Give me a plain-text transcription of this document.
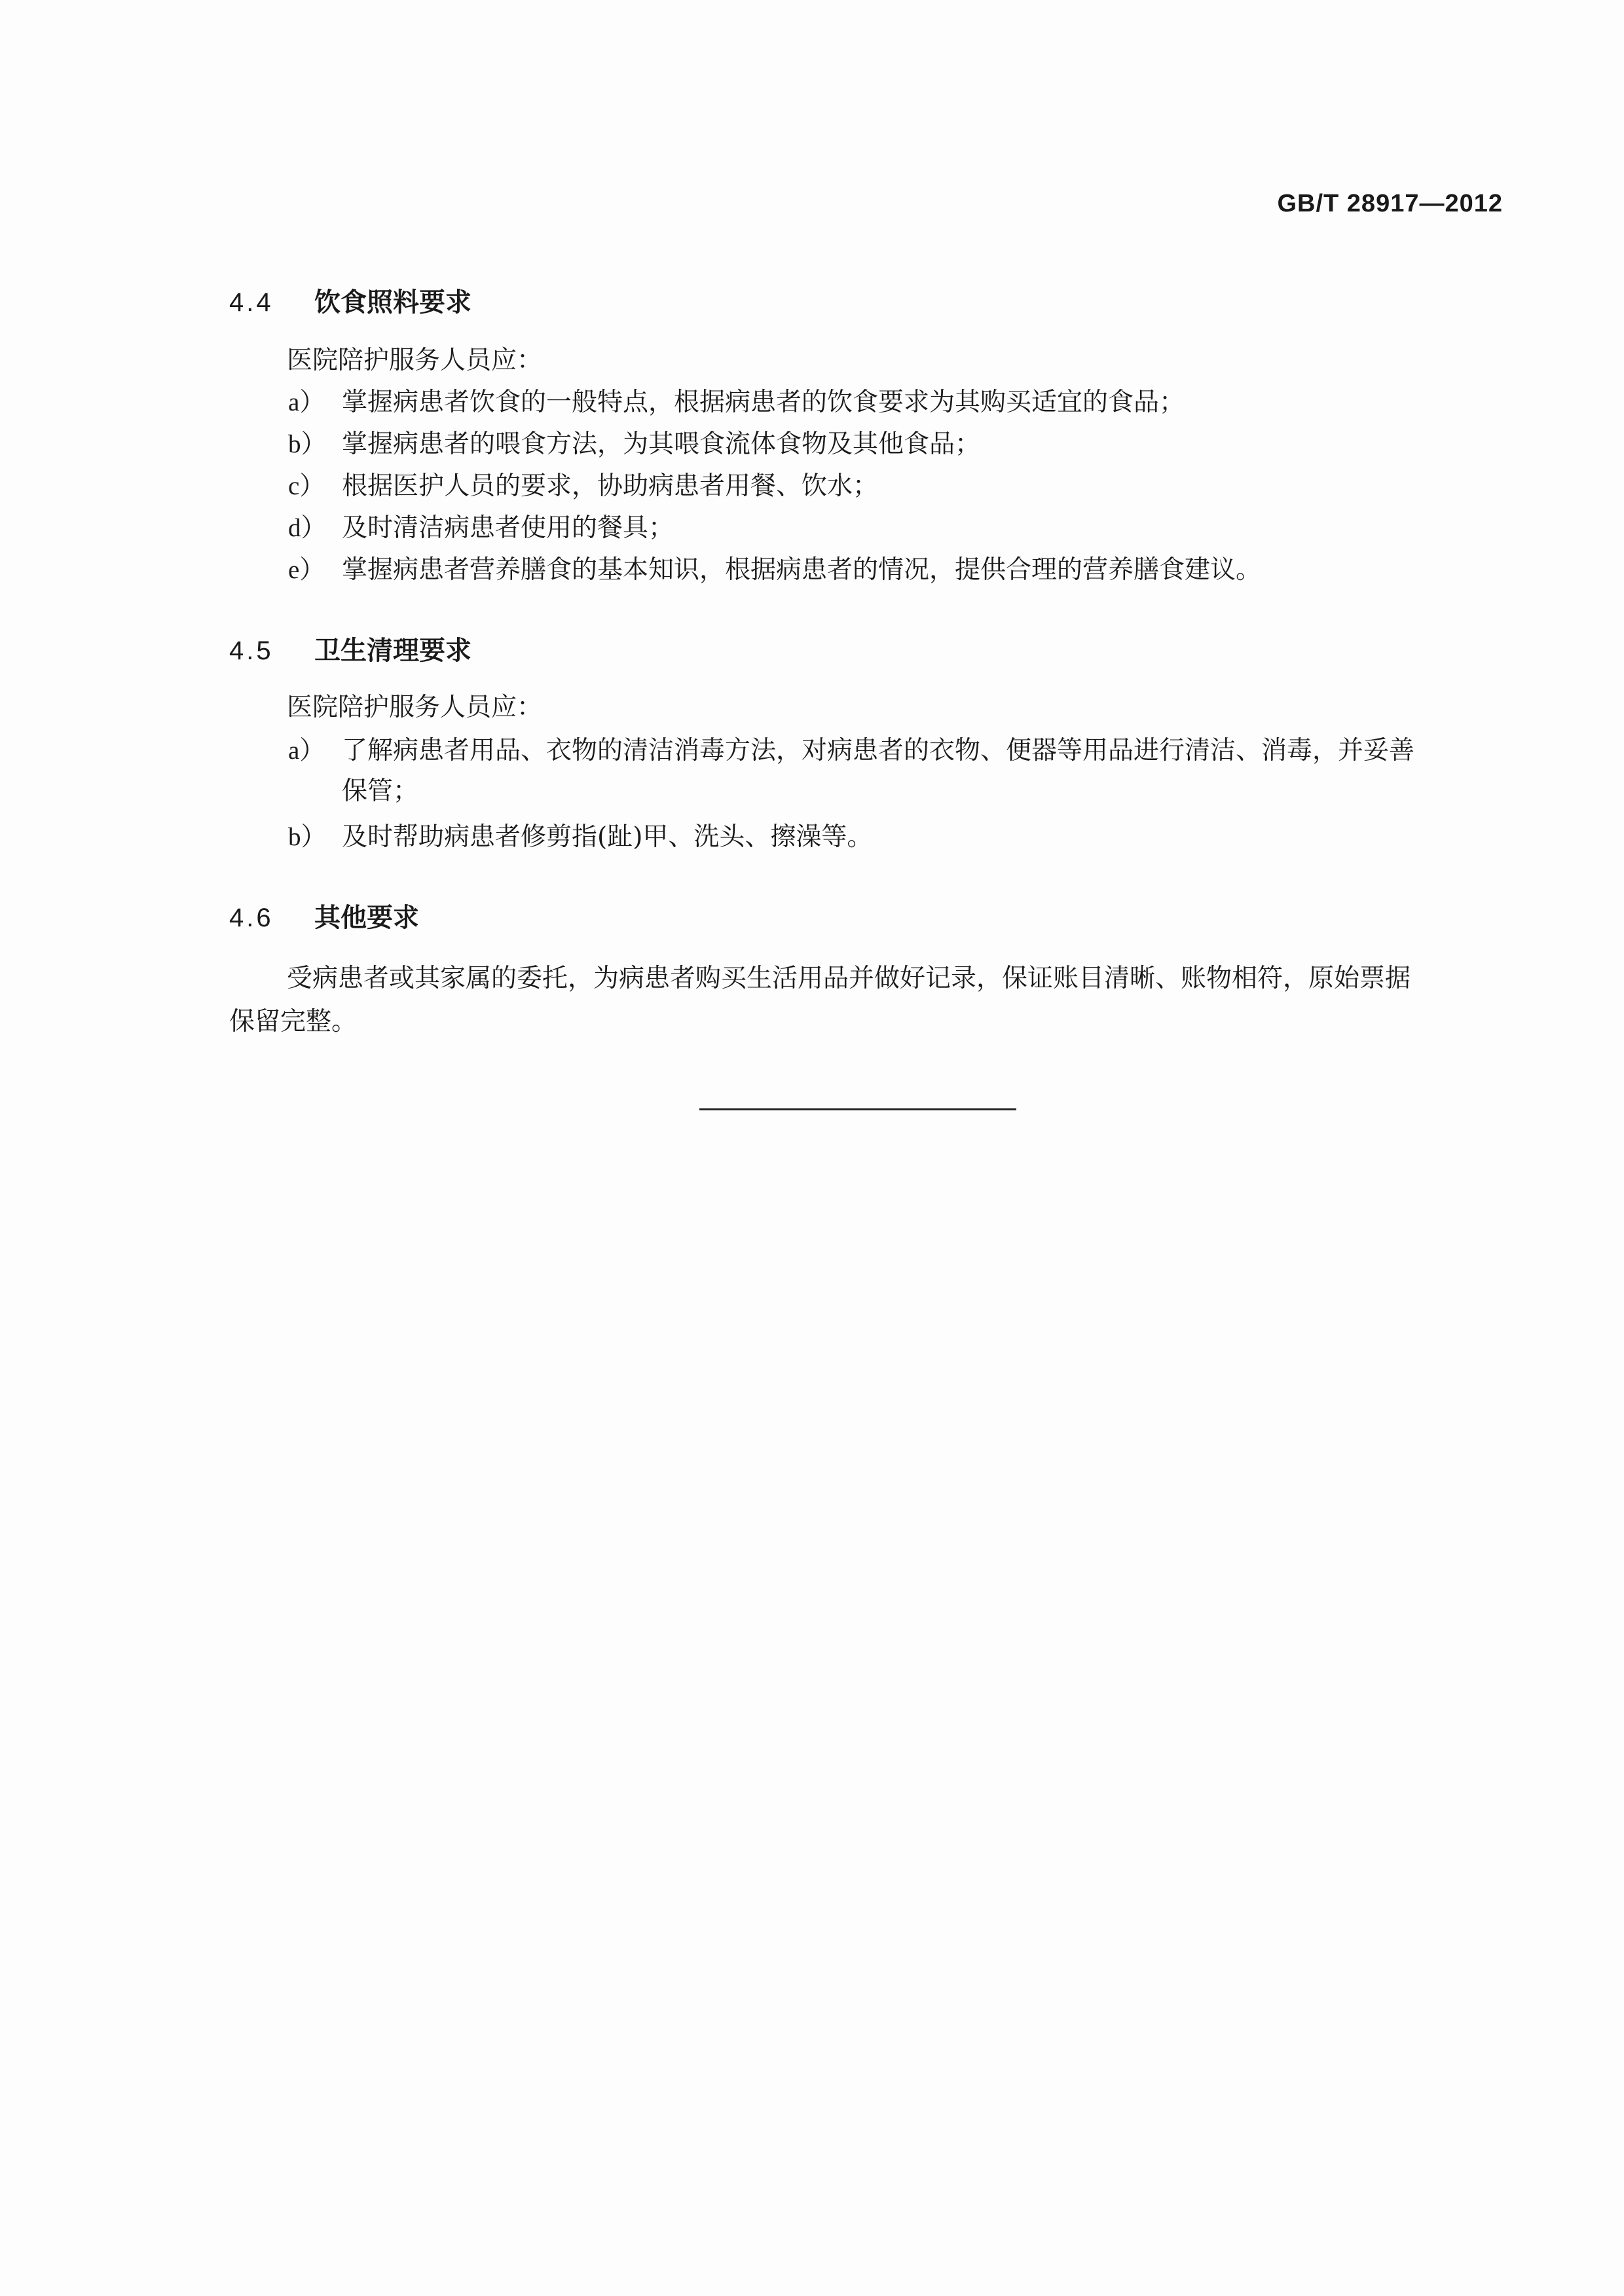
GB/T 28917—2012
4.4 饮食照料要求
医院陪护服务人员应：
a） 掌握病患者饮食的一般特点，根据病患者的饮食要求为其购买适宜的食品；
b） 掌握病患者的喂食方法，为其喂食流体食物及其他食品；
c） 根据医护人员的要求，协助病患者用餐、饮水；
d） 及时清洁病患者使用的餐具；
e） 掌握病患者营养膳食的基本知识，根据病患者的情况，提供合理的营养膳食建议。
4.5 卫生清理要求
医院陪护服务人员应：
a） 了解病患者用品、衣物的清洁消毒方法，对病患者的衣物、便器等用品进行清洁、消毒，并妥善
保管；
b） 及时帮助病患者修剪指(趾)甲、洗头、擦澡等。
4.6 其他要求
受病患者或其家属的委托，为病患者购买生活用品并做好记录，保证账目清晰、账物相符，原始票据
保留完整。
